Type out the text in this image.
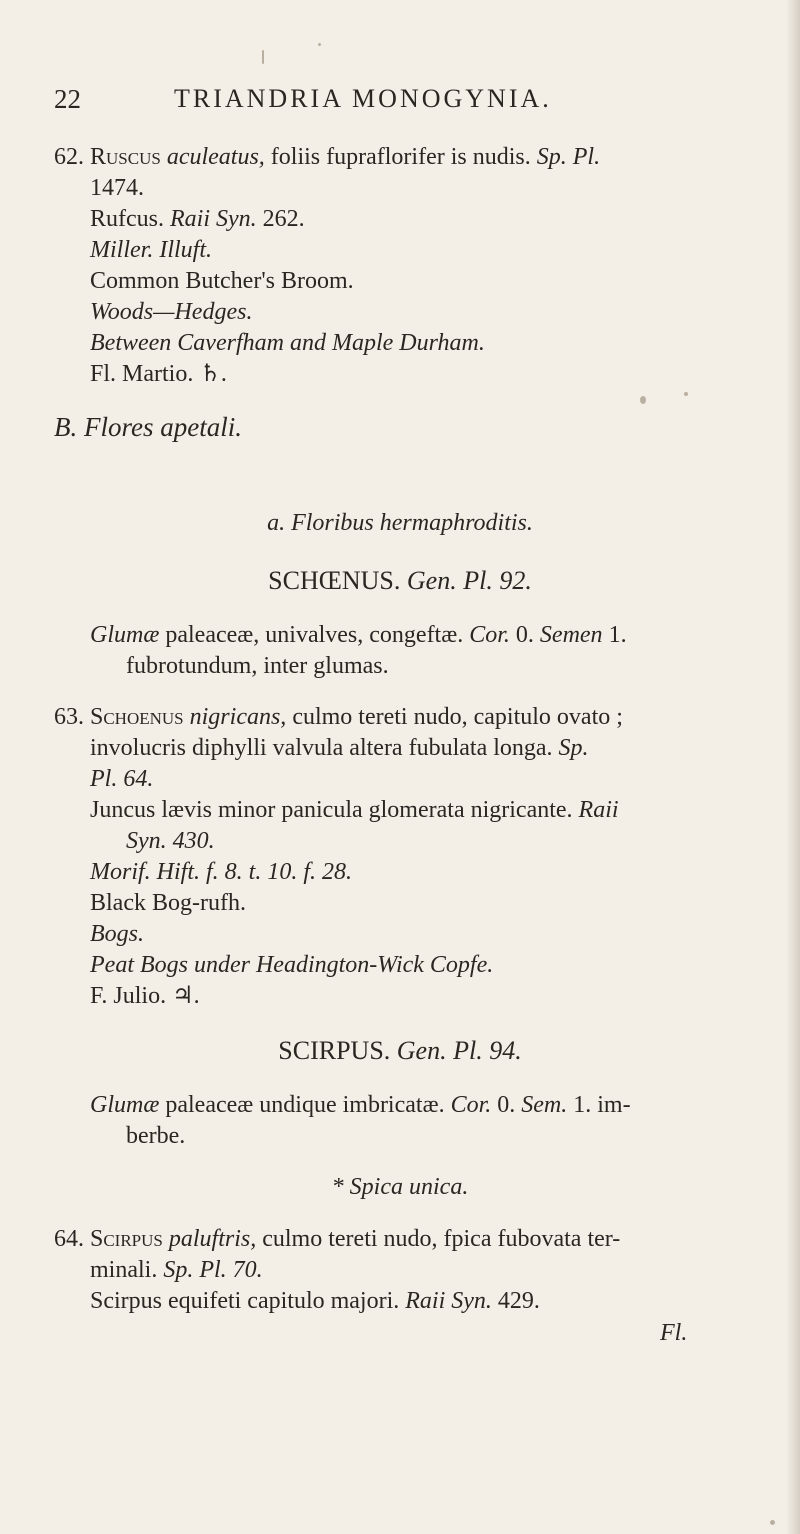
22	TRIANDRIA MONOGYNIA.
62. Ruscus aculeatus, foliis fupraflorifer is nudis. Sp. Pl.
1474.
Rufcus. Raii Syn. 262.
Miller. Illuft.
Common Butcher's Broom.
Woods—Hedges.
Between Caverfham and Maple Durham.
Fl. Martio. ♄.
B. Flores apetali.
a. Floribus hermaphroditis.
SCHŒNUS. Gen. Pl. 92.
Glumæ paleaceæ, univalves, congeftæ. Cor. 0. Semen 1.
fubrotundum, inter glumas.
63. Schoenus nigricans, culmo tereti nudo, capitulo ovato ;
involucris diphylli valvula altera fubulata longa. Sp.
Pl. 64.
Juncus lævis minor panicula glomerata nigricante. Raii
Syn. 430.
Morif. Hift. f. 8. t. 10. f. 28.
Black Bog-rufh.
Bogs.
Peat Bogs under Headington-Wick Copfe.
F. Julio. ♃.
SCIRPUS. Gen. Pl. 94.
Glumæ paleaceæ undique imbricatæ. Cor. 0. Sem. 1. im-
berbe.
* Spica unica.
64. Scirpus paluftris, culmo tereti nudo, fpica fubovata ter-
minali. Sp. Pl. 70.
Scirpus equifeti capitulo majori. Raii Syn. 429.
Fl.
